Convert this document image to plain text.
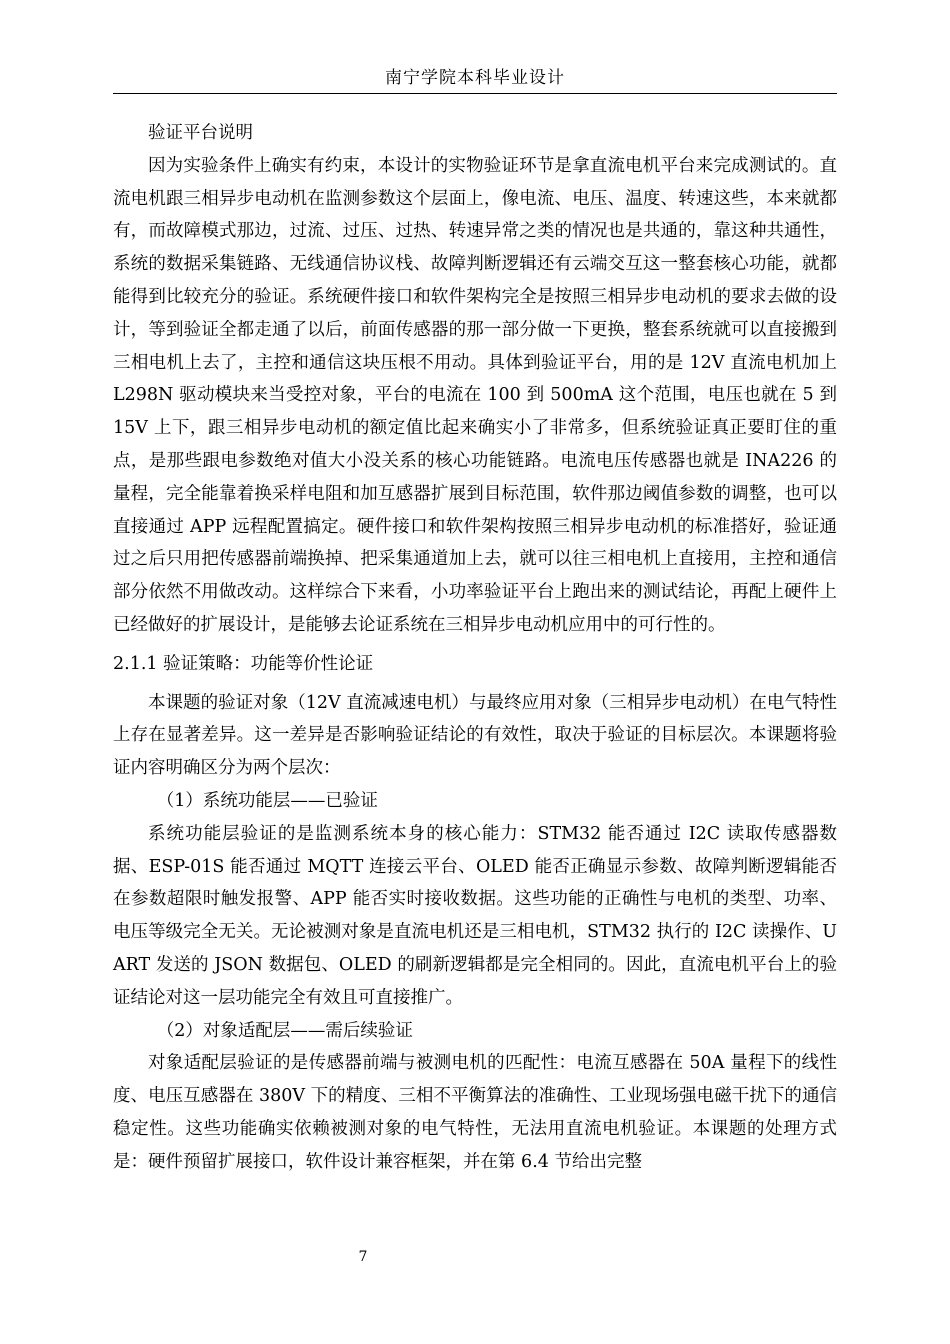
南宁学院本科毕业设计

验证平台说明

因为实验条件上确实有约束，本设计的实物验证环节是拿直流电机平台来完成测试的。直流电机跟三相异步电动机在监测参数这个层面上，像电流、电压、温度、转速这些，本来就都有，而故障模式那边，过流、过压、过热、转速异常之类的情况也是共通的，靠这种共通性，系统的数据采集链路、无线通信协议栈、故障判断逻辑还有云端交互这一整套核心功能，就都能得到比较充分的验证。系统硬件接口和软件架构完全是按照三相异步电动机的要求去做的设计，等到验证全都走通了以后，前面传感器的那一部分做一下更换，整套系统就可以直接搬到三相电机上去了，主控和通信这块压根不用动。具体到验证平台，用的是 12V 直流电机加上 L298N 驱动模块来当受控对象，平台的电流在 100 到 500mA 这个范围，电压也就在 5 到 15V 上下，跟三相异步电动机的额定值比起来确实小了非常多，但系统验证真正要盯住的重点，是那些跟电参数绝对值大小没关系的核心功能链路。电流电压传感器也就是 INA226 的量程，完全能靠着换采样电阻和加互感器扩展到目标范围，软件那边阈值参数的调整，也可以直接通过 APP 远程配置搞定。硬件接口和软件架构按照三相异步电动机的标准搭好，验证通过之后只用把传感器前端换掉、把采集通道加上去，就可以往三相电机上直接用，主控和通信部分依然不用做改动。这样综合下来看，小功率验证平台上跑出来的测试结论，再配上硬件上已经做好的扩展设计，是能够去论证系统在三相异步电动机应用中的可行性的。

2.1.1 验证策略：功能等价性论证

本课题的验证对象（12V 直流减速电机）与最终应用对象（三相异步电动机）在电气特性上存在显著差异。这一差异是否影响验证结论的有效性，取决于验证的目标层次。本课题将验证内容明确区分为两个层次：

（1）系统功能层——已验证

系统功能层验证的是监测系统本身的核心能力：STM32 能否通过 I2C 读取传感器数据、ESP-01S 能否通过 MQTT 连接云平台、OLED 能否正确显示参数、故障判断逻辑能否在参数超限时触发报警、APP 能否实时接收数据。这些功能的正确性与电机的类型、功率、电压等级完全无关。无论被测对象是直流电机还是三相电机，STM32 执行的 I2C 读操作、UART 发送的 JSON 数据包、OLED 的刷新逻辑都是完全相同的。因此，直流电机平台上的验证结论对这一层功能完全有效且可直接推广。

（2）对象适配层——需后续验证

对象适配层验证的是传感器前端与被测电机的匹配性：电流互感器在 50A 量程下的线性度、电压互感器在 380V 下的精度、三相不平衡算法的准确性、工业现场强电磁干扰下的通信稳定性。这些功能确实依赖被测对象的电气特性，无法用直流电机验证。本课题的处理方式是：硬件预留扩展接口，软件设计兼容框架，并在第 6.4 节给出完整

7
